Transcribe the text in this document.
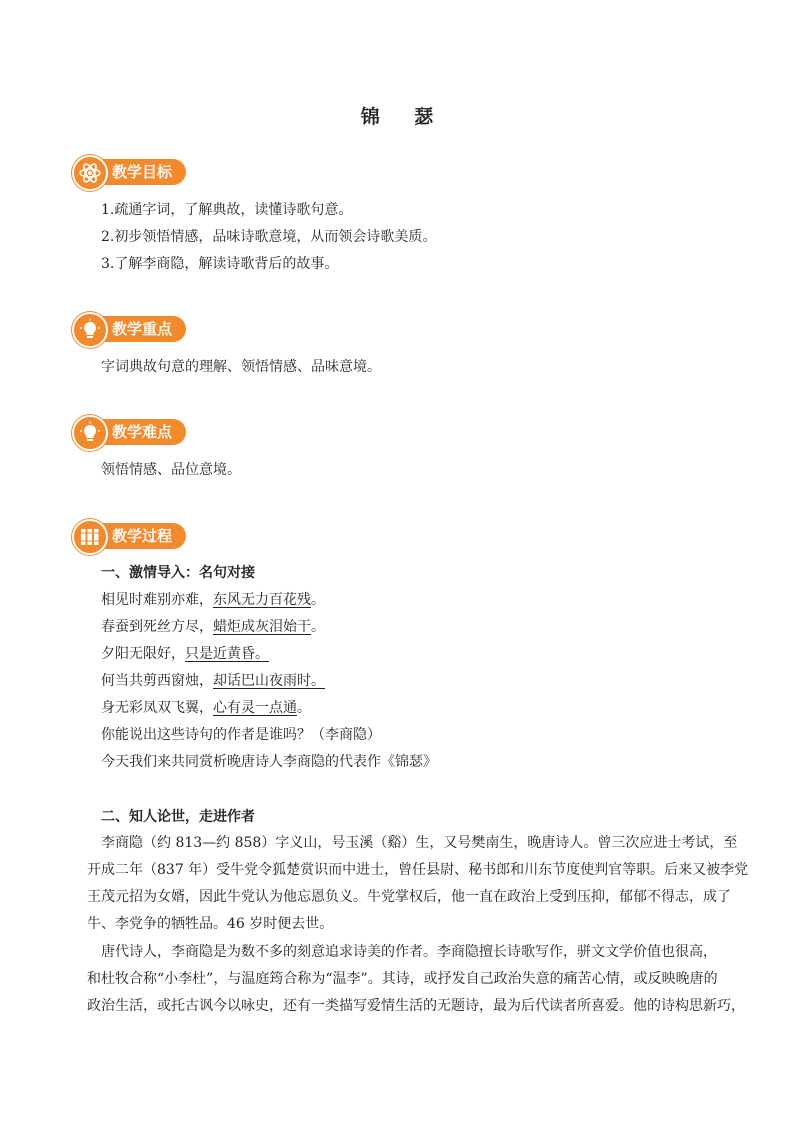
锦 瑟
教学目标
1.疏通字词，了解典故，读懂诗歌句意。
2.初步领悟情感，品味诗歌意境，从而领会诗歌美质。
3.了解李商隐，解读诗歌背后的故事。
教学重点
字词典故句意的理解、领悟情感、品味意境。
教学难点
领悟情感、品位意境。
教学过程
一、激情导入：名句对接
相见时难别亦难，东风无力百花残。
春蚕到死丝方尽，蜡炬成灰泪始干。
夕阳无限好，只是近黄昏。
何当共剪西窗烛，却话巴山夜雨时。
身无彩凤双飞翼，心有灵一点通。
你能说出这些诗句的作者是谁吗？（李商隐）
今天我们来共同赏析晚唐诗人李商隐的代表作《锦瑟》
二、知人论世，走进作者
李商隐（约 813—约 858）字义山，号玉溪（谿）生，又号樊南生，晚唐诗人。曾三次应进士考试，至
开成二年（837 年）受牛党令狐楚赏识而中进士，曾任县尉、秘书郎和川东节度使判官等职。后来又被李党
王茂元招为女婿，因此牛党认为他忘恩负义。牛党掌权后，他一直在政治上受到压抑，郁郁不得志，成了
牛、李党争的牺牲品。46 岁时便去世。
唐代诗人，李商隐是为数不多的刻意追求诗美的作者。李商隐擅长诗歌写作，骈文文学价值也很高，
和杜牧合称“小李杜”，与温庭筠合称为“温李”。其诗，或抒发自己政治失意的痛苦心情，或反映晚唐的
政治生活，或托古讽今以咏史，还有一类描写爱情生活的无题诗，最为后代读者所喜爱。他的诗构思新巧，
